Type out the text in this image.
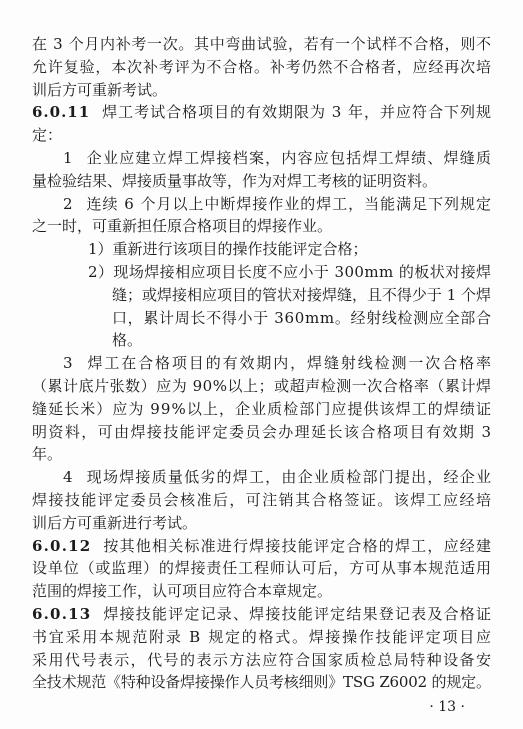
在 3 个月内补考一次。其中弯曲试验，若有一个试样不合格，则不
允许复验，本次补考评为不合格。补考仍然不合格者，应经再次培
训后方可重新考试。
6.0.11 焊工考试合格项目的有效期限为 3 年，并应符合下列规
定：
1 企业应建立焊工焊接档案，内容应包括焊工焊绩、焊缝质
量检验结果、焊接质量事故等，作为对焊工考核的证明资料。
2 连续 6 个月以上中断焊接作业的焊工，当能满足下列规定
之一时，可重新担任原合格项目的焊接作业。
1）重新进行该项目的操作技能评定合格；
2）现场焊接相应项目长度不应小于 300mm 的板状对接焊
缝；或焊接相应项目的管状对接焊缝，且不得少于 1 个焊
口，累计周长不得小于 360mm。经射线检测应全部合
格。
3 焊工在合格项目的有效期内，焊缝射线检测一次合格率
（累计底片张数）应为 90%以上；或超声检测一次合格率（累计焊
缝延长米）应为 99%以上，企业质检部门应提供该焊工的焊绩证
明资料，可由焊接技能评定委员会办理延长该合格项目有效期 3
年。
4 现场焊接质量低劣的焊工，由企业质检部门提出，经企业
焊接技能评定委员会核准后，可注销其合格签证。该焊工应经培
训后方可重新进行考试。
6.0.12 按其他相关标准进行焊接技能评定合格的焊工，应经建
设单位（或监理）的焊接责任工程师认可后，方可从事本规范适用
范围的焊接工作，认可项目应符合本章规定。
6.0.13 焊接技能评定记录、焊接技能评定结果登记表及合格证
书宜采用本规范附录 B 规定的格式。焊接操作技能评定项目应
采用代号表示，代号的表示方法应符合国家质检总局特种设备安
全技术规范《特种设备焊接操作人员考核细则》TSG Z6002 的规定。
· 13 ·
